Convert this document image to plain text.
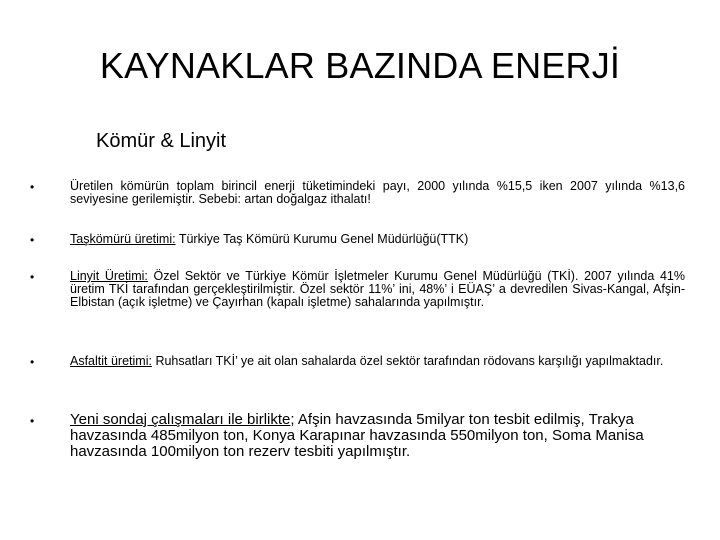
KAYNAKLAR BAZINDA ENERJİ
Kömür & Linyit
•	Üretilen kömürün toplam birincil enerji tüketimindeki payı, 2000 yılında %15,5 iken 2007 yılında %13,6 seviyesine gerilemiştir. Sebebi: artan doğalgaz ithalatı!
•	Taşkömürü üretimi: Türkiye Taş Kömürü Kurumu Genel Müdürlüğü(TTK)
•	Linyit Üretimi: Özel Sektör ve Türkiye Kömür İşletmeler Kurumu Genel Müdürlüğü (TKİ). 2007 yılında 41% üretim TKİ tarafından gerçekleştirilmiştir. Özel sektör 11%’ ini, 48%’ i EÜAŞ’ a devredilen Sivas-Kangal, Afşin-Elbistan (açık işletme) ve Çayırhan (kapalı işletme) sahalarında yapılmıştır.
•	Asfaltit üretimi: Ruhsatları TKİ’ ye ait olan sahalarda özel sektör tarafından rödovans karşılığı yapılmaktadır.
• Yeni sondaj çalışmaları ile birlikte; Afşin havzasında 5milyar ton tesbit edilmiş, Trakya havzasında 485milyon ton, Konya Karapınar havzasında 550milyon ton, Soma Manisa havzasında 100milyon ton rezerv tesbiti yapılmıştır.
